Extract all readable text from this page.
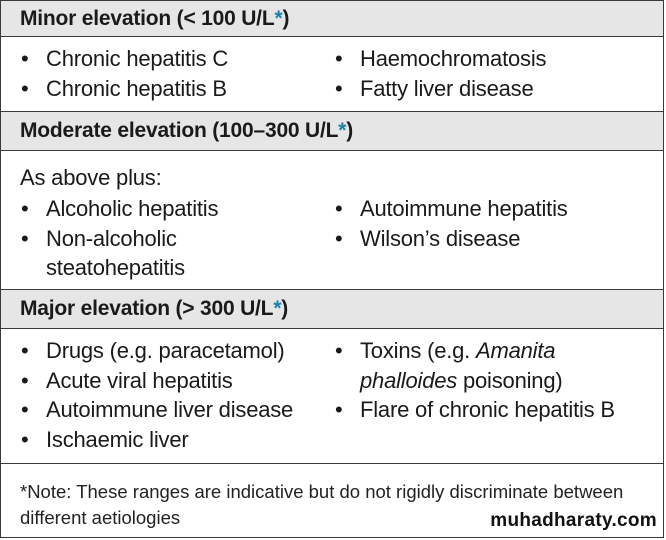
Minor elevation (< 100 U/L * )
• Chronic hepatitis C
• Chronic hepatitis B
• Haemochromatosis
• Fatty liver disease
Moderate elevation (100–300 U/L * )
As above plus:
• Alcoholic hepatitis
• Non-alcoholic
steatohepatitis
• Autoimmune hepatitis
• Wilson’s disease
Major elevation (> 300 U/L * )
• Drugs (e.g. paracetamol)
• Acute viral hepatitis
• Autoimmune liver disease
• Ischaemic liver
• Toxins (e.g. Amanita
phalloides poisoning)
• Flare of chronic hepatitis B
*Note: These ranges are indicative but do not rigidly discriminate between
different aetiologies	muhadharaty.com
